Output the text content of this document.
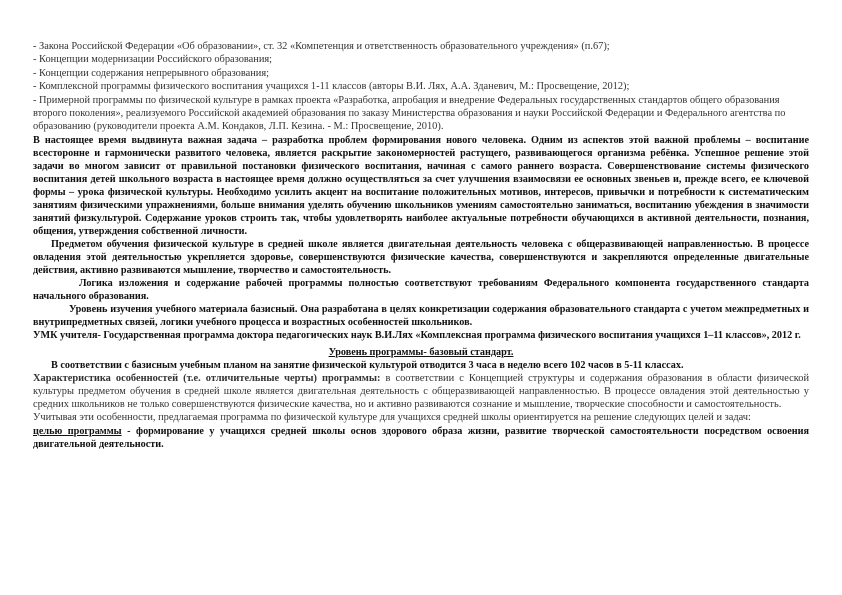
- Закона Российской Федерации «Об образовании», ст. 32 «Компетенция и ответственность образовательного учреждения» (п.67);

- Концепции модернизации Российского образования;

- Концепции содержания непрерывного образования;

- Комплексной программы физического воспитания учащихся 1-11 классов (авторы В.И. Лях, А.А. Зданевич, М.: Просвещение, 2012);

- Примерной программы по физической культуре в рамках проекта «Разработка, апробация и внедрение Федеральных государственных стандартов общего образования второго поколения», реализуемого Российской академией образования по заказу Министерства образования и науки Российской Федерации и Федерального агентства по образованию (руководители проекта А.М. Кондаков, Л.П. Кезина. - М.: Просвещение, 2010).

В настоящее время выдвинута важная задача – разработка проблем формирования нового человека. Одним из аспектов этой важной проблемы – воспитание всесторонне и гармонически развитого человека, является раскрытие закономерностей растущего, развивающегося организма ребёнка. Успешное решение этой задачи во многом зависит от правильной постановки физического воспитания, начиная с самого раннего возраста. Совершенствование системы физического воспитания детей школьного возраста в настоящее время должно осуществляться за счет улучшения взаимосвязи ее основных звеньев и, прежде всего, ее ключевой формы – урока физической культуры. Необходимо усилить акцент на воспитание положительных мотивов, интересов, привычки и потребности к систематическим занятиям физическими упражнениями, больше внимания уделять обучению школьников умениям самостоятельно заниматься, воспитанию убеждения в значимости занятий физкультурой. Содержание уроков строить так, чтобы удовлетворять наиболее актуальные потребности обучающихся в активной деятельности, познания, общения, утверждения собственной личности.

Предметом обучения физической культуре в средней школе является двигательная деятельность человека с общеразвивающей направленностью. В процессе овладения этой деятельностью укрепляется здоровье, совершенствуются физические качества, совершенствуются и закрепляются определенные двигательные действия, активно развиваются мышление, творчество и самостоятельность.

Логика изложения и содержание рабочей программы полностью соответствуют требованиям Федерального компонента государственного стандарта начального образования.

Уровень изучения учебного материала базисный. Она разработана в целях конкретизации содержания образовательного стандарта с учетом межпредметных и внутрипредметных связей, логики учебного процесса и возрастных особенностей школьников.

УМК учителя- Государственная программа доктора педагогических наук В.И.Лях «Комплексная программа физического воспитания учащихся 1–11 классов», 2012 г.

Уровень программы- базовый стандарт.

В соответствии с базисным учебным планом на занятие физической культурой отводится 3 часа в неделю всего 102 часов в 5-11 классах.

Характеристика особенностей (т.е. отличительные черты) программы: в соответствии с Концепцией структуры и содержания образования в области физической культуры предметом обучения в средней школе является двигательная деятельность с общеразвивающей направленностью. В процессе овладения этой деятельностью у средних школьников не только совершенствуются физические качества, но и активно развиваются сознание и мышление, творческие способности и самостоятельность.

Учитывая эти особенности, предлагаемая программа по физической культуре для учащихся средней школы ориентируется на решение следующих целей и задач:

целью программы - формирование у учащихся средней школы основ здорового образа жизни, развитие творческой самостоятельности посредством освоения двигательной деятельности.
